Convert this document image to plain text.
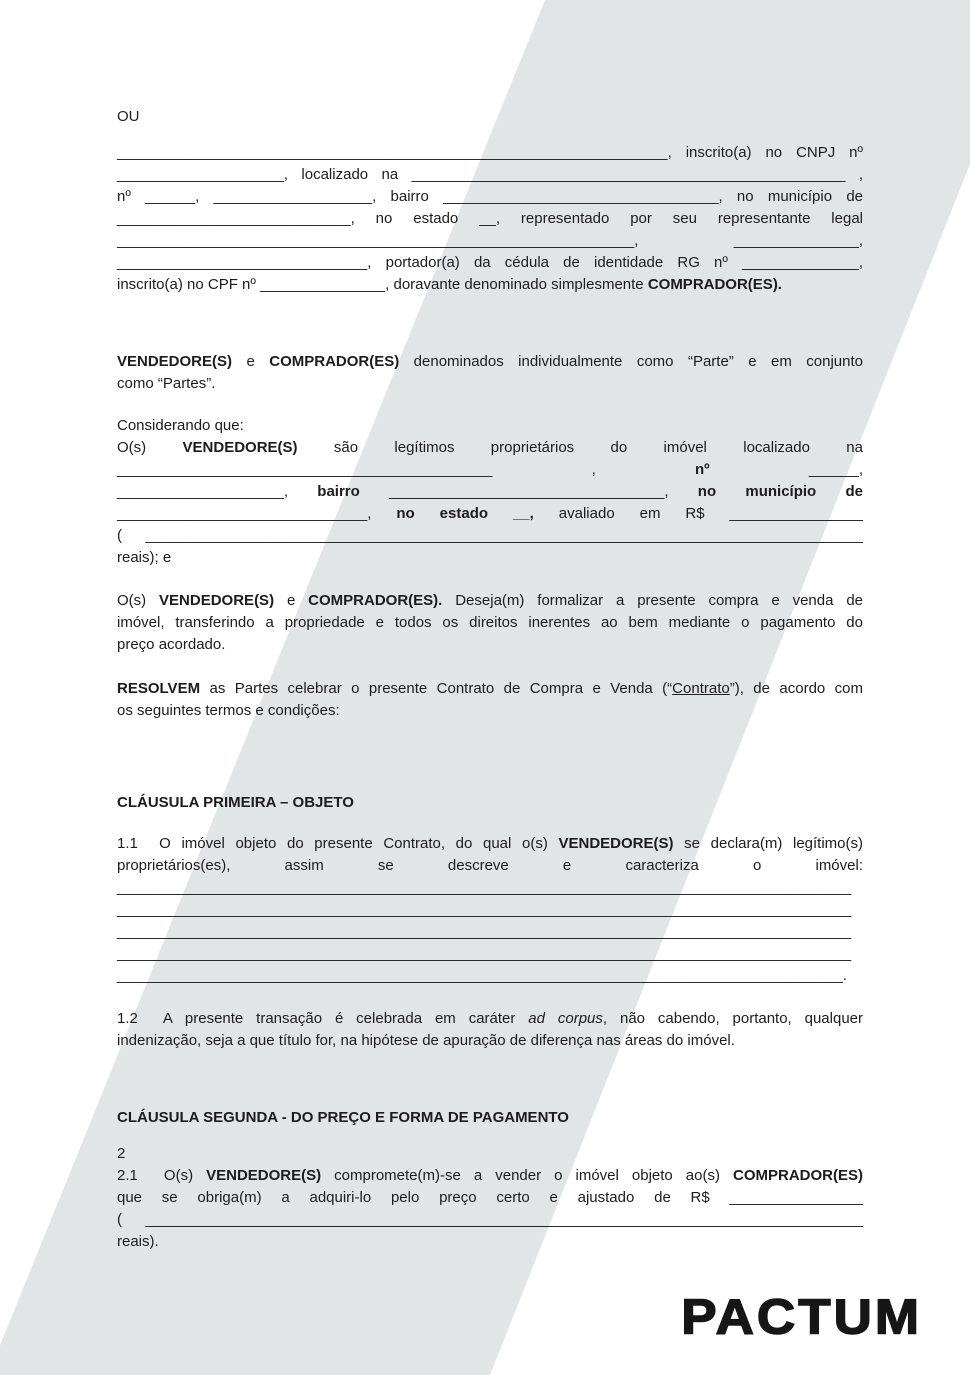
OU
__________________________________________________________________, inscrito(a) no CNPJ nº
____________________, localizado na ____________________________________________________ ,
nº ______, ___________________, bairro _________________________________, no município de
____________________________, no estado __, representado por seu representante legal
______________________________________________________________, _______________,
______________________________, portador(a) da cédula de identidade RG nº ______________,
inscrito(a) no CPF nº _______________, doravante denominado simplesmente COMPRADOR(ES).
VENDEDORE(S) e COMPRADOR(ES) denominados individualmente como “Parte” e em conjunto
como “Partes”.
Considerando que:
O(s) VENDEDORE(S) são legítimos proprietários do imóvel localizado na
_____________________________________________ , nº ______,
____________________, bairro _________________________________, no município de
______________________________, no estado __, avaliado em R$ ________________
( ______________________________________________________________________________________
reais); e
O(s) VENDEDORE(S) e COMPRADOR(ES). Deseja(m) formalizar a presente compra e venda de
imóvel, transferindo a propriedade e todos os direitos inerentes ao bem mediante o pagamento do
preço acordado.
RESOLVEM as Partes celebrar o presente Contrato de Compra e Venda (“Contrato”), de acordo com
os seguintes termos e condições:
CLÁUSULA PRIMEIRA – OBJETO
1.1  O imóvel objeto do presente Contrato, do qual o(s) VENDEDORE(S) se declara(m) legítimo(s)
proprietários(es), assim se descreve e caracteriza o imóvel:
________________________________________________________________________________________
________________________________________________________________________________________
________________________________________________________________________________________
________________________________________________________________________________________
_______________________________________________________________________________________.
1.2  A presente transação é celebrada em caráter ad corpus, não cabendo, portanto, qualquer
indenização, seja a que título for, na hipótese de apuração de diferença nas áreas do imóvel.
CLÁUSULA SEGUNDA - DO PREÇO E FORMA DE PAGAMENTO
2
2.1  O(s) VENDEDORE(S) compromete(m)-se a vender o imóvel objeto ao(s) COMPRADOR(ES)
que se obriga(m) a adquiri-lo pelo preço certo e ajustado de R$ ________________
( ______________________________________________________________________________________
reais).
PACTUM
